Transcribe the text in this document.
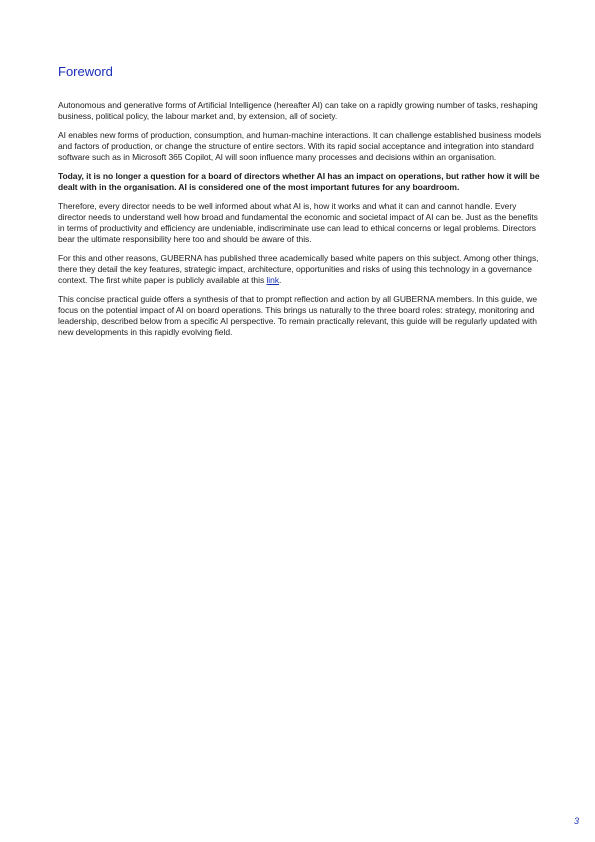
Foreword

Autonomous and generative forms of Artificial Intelligence (hereafter AI) can take on a rapidly growing number of tasks, reshaping business, political policy, the labour market and, by extension, all of society.

AI enables new forms of production, consumption, and human-machine interactions. It can challenge established business models and factors of production, or change the structure of entire sectors. With its rapid social acceptance and integration into standard software such as in Microsoft 365 Copilot, AI will soon influence many processes and decisions within an organisation.

Today, it is no longer a question for a board of directors whether AI has an impact on operations, but rather how it will be dealt with in the organisation. AI is considered one of the most important futures for any boardroom.

Therefore, every director needs to be well informed about what AI is, how it works and what it can and cannot handle. Every director needs to understand well how broad and fundamental the economic and societal impact of AI can be. Just as the benefits in terms of productivity and efficiency are undeniable, indiscriminate use can lead to ethical concerns or legal problems. Directors bear the ultimate responsibility here too and should be aware of this.

For this and other reasons, GUBERNA has published three academically based white papers on this subject. Among other things, there they detail the key features, strategic impact, architecture, opportunities and risks of using this technology in a governance context. The first white paper is publicly available at this link.

This concise practical guide offers a synthesis of that to prompt reflection and action by all GUBERNA members. In this guide, we focus on the potential impact of AI on board operations. This brings us naturally to the three board roles: strategy, monitoring and leadership, described below from a specific AI perspective. To remain practically relevant, this guide will be regularly updated with new developments in this rapidly evolving field.

3
